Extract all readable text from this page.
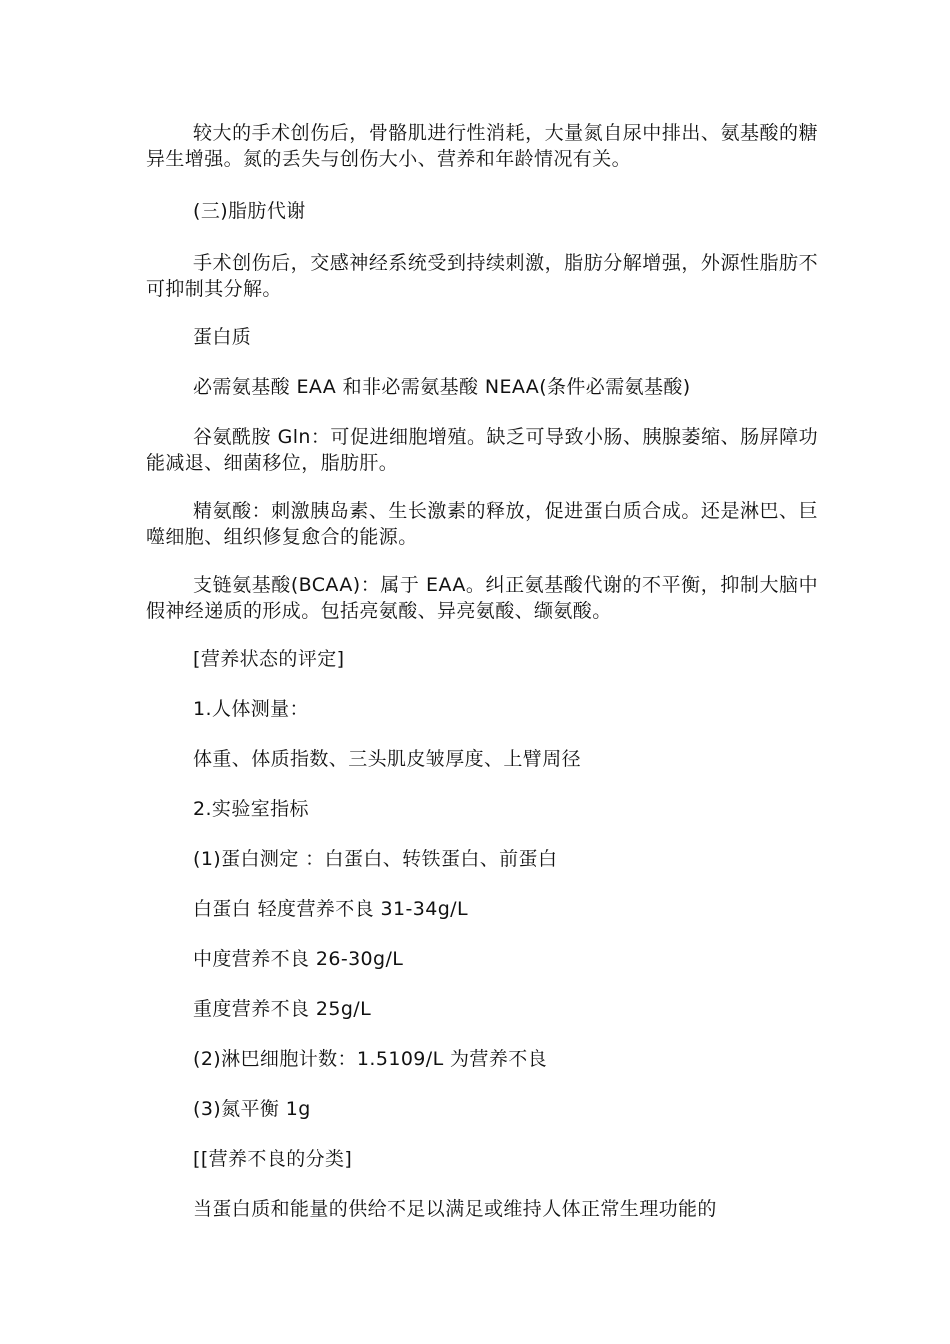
较大的手术创伤后，骨骼肌进行性消耗，大量氮自尿中排出、氨基酸的糖异生增强。氮的丢失与创伤大小、营养和年龄情况有关。

(三)脂肪代谢

手术创伤后，交感神经系统受到持续刺激，脂肪分解增强，外源性脂肪不可抑制其分解。

蛋白质

必需氨基酸 EAA 和非必需氨基酸 NEAA(条件必需氨基酸)

谷氨酰胺 Gln：可促进细胞增殖。缺乏可导致小肠、胰腺萎缩、肠屏障功能减退、细菌移位，脂肪肝。

精氨酸：刺激胰岛素、生长激素的释放，促进蛋白质合成。还是淋巴、巨噬细胞、组织修复愈合的能源。

支链氨基酸(BCAA)：属于 EAA。纠正氨基酸代谢的不平衡，抑制大脑中假神经递质的形成。包括亮氨酸、异亮氨酸、缬氨酸。

[营养状态的评定]

1.人体测量：

体重、体质指数、三头肌皮皱厚度、上臂周径

2.实验室指标

(1)蛋白测定 ：白蛋白、转铁蛋白、前蛋白

白蛋白 轻度营养不良 31-34g/L

中度营养不良 26-30g/L

重度营养不良 25g/L

(2)淋巴细胞计数：1.5109/L 为营养不良

(3)氮平衡 1g

[[营养不良的分类]

当蛋白质和能量的供给不足以满足或维持人体正常生理功能的
